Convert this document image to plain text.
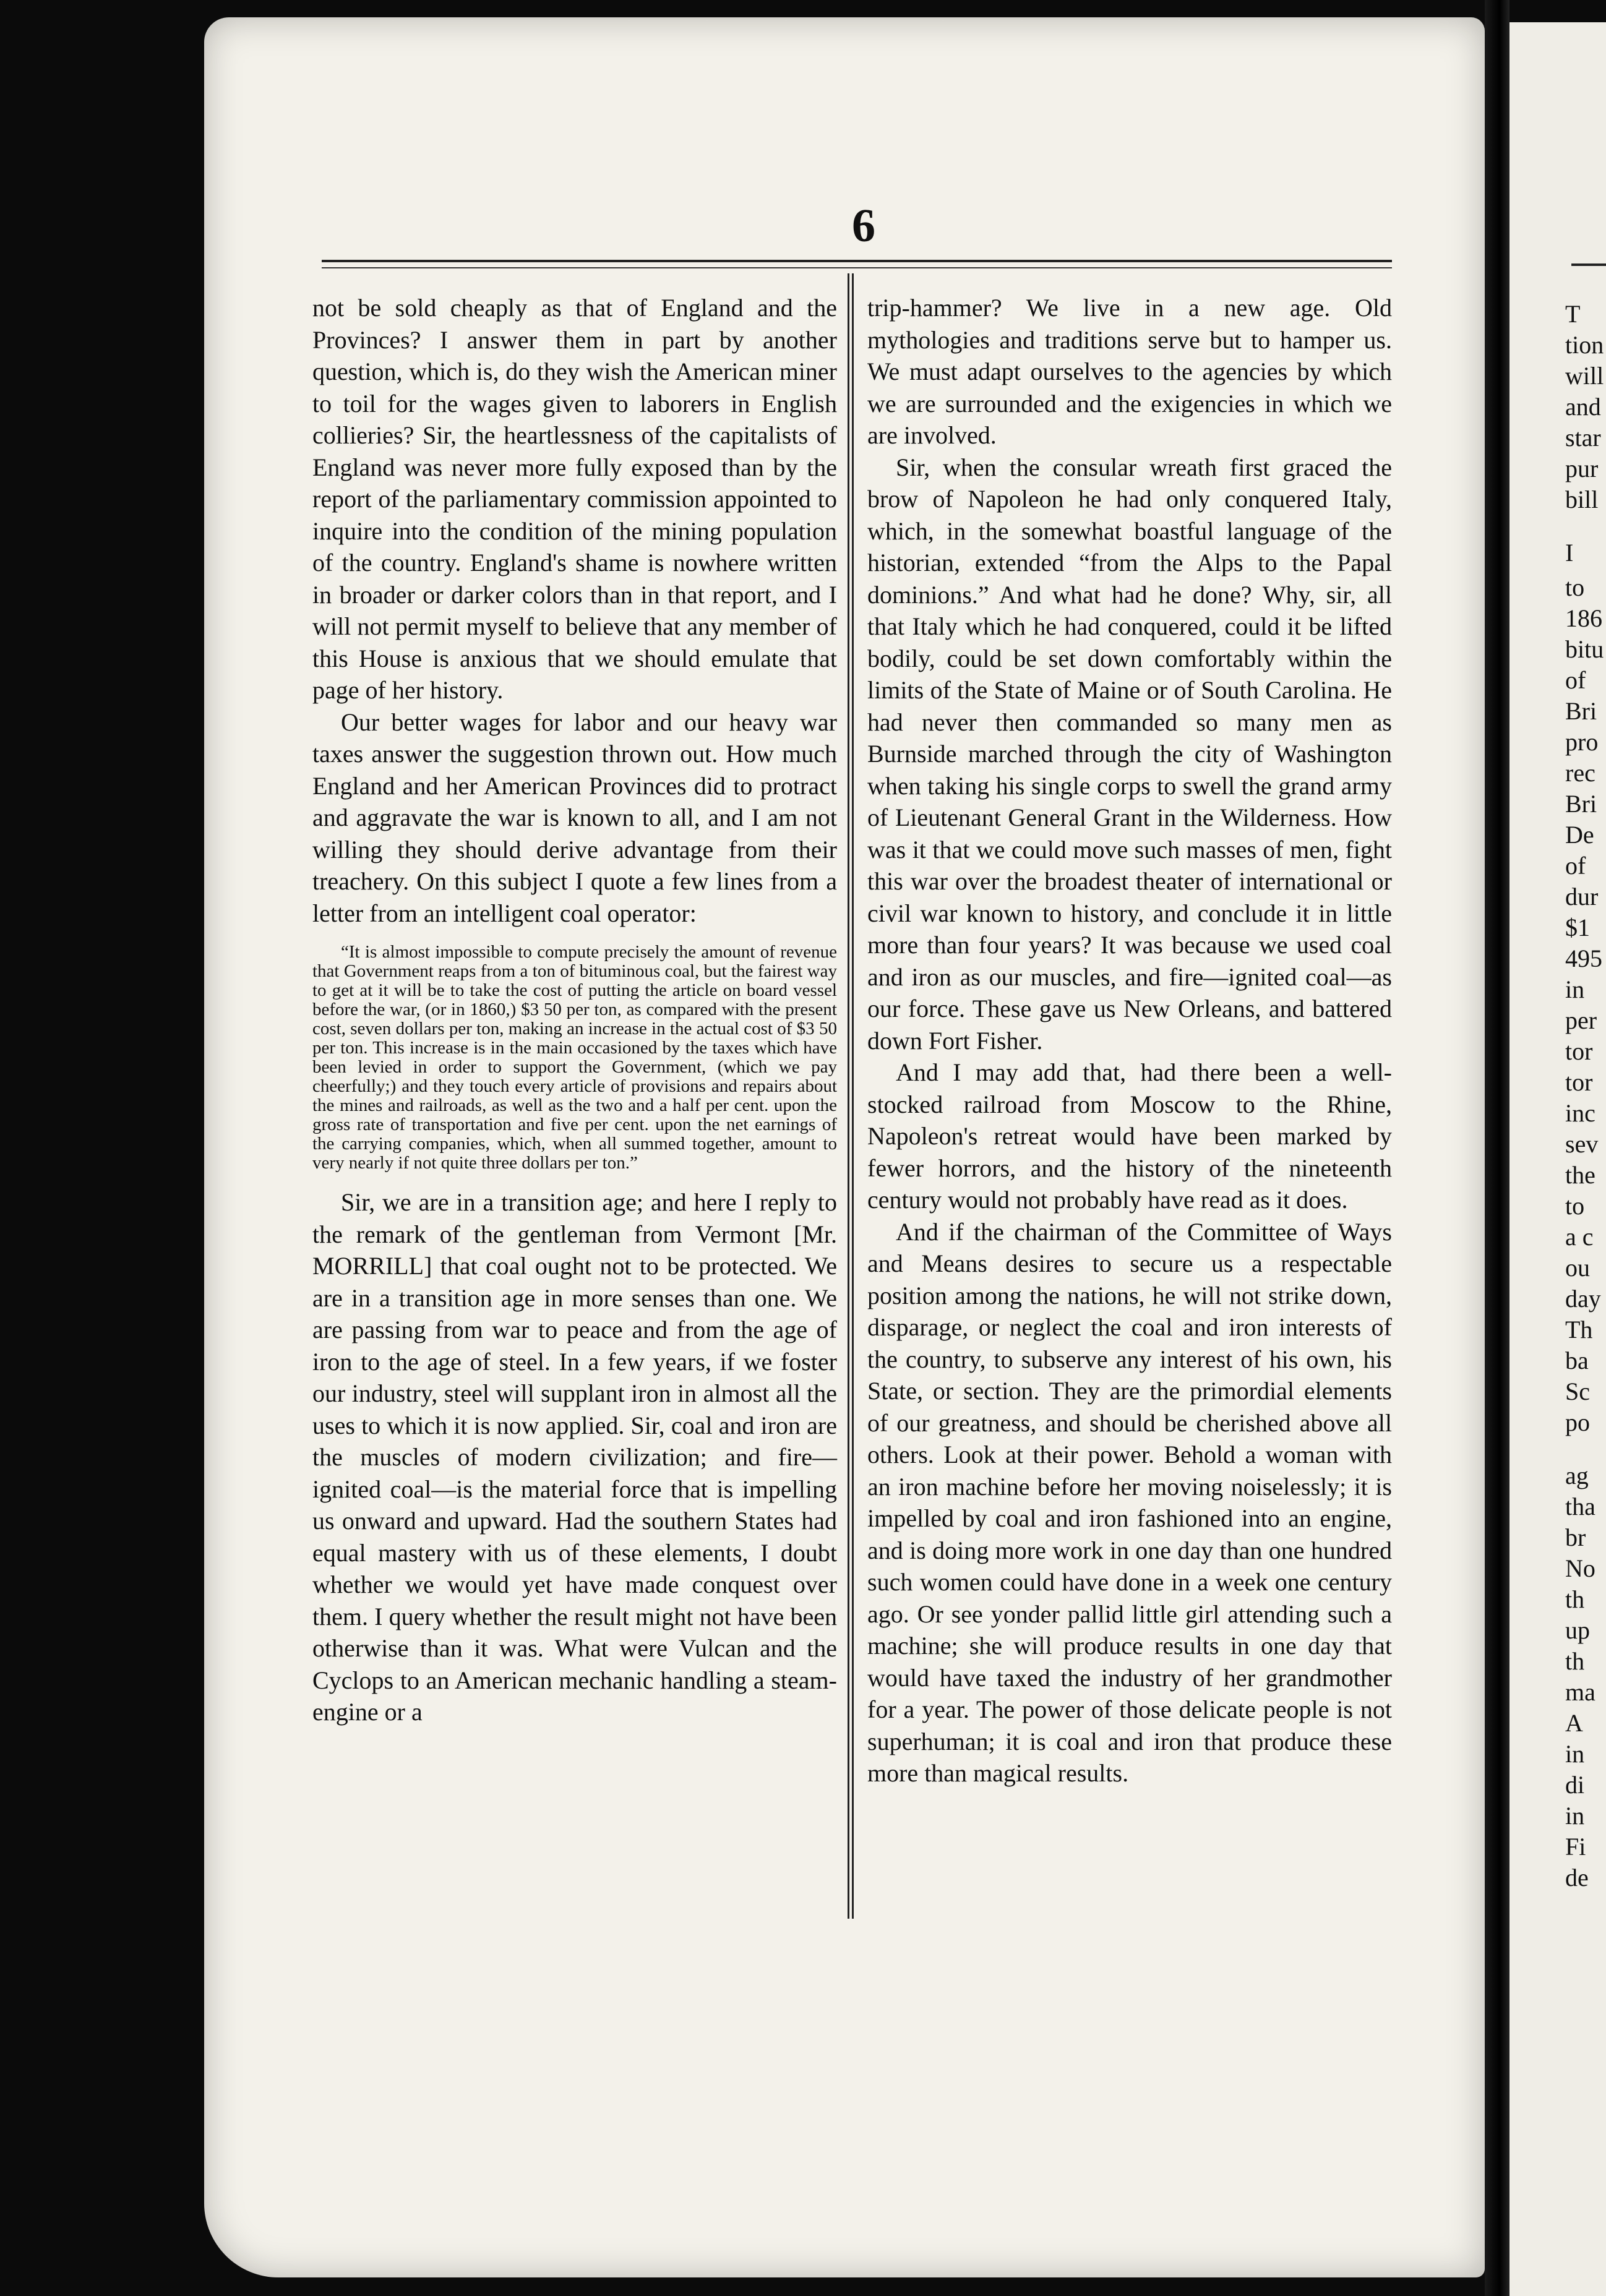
6

not be sold cheaply as that of England and the Provinces? I answer them in part by another question, which is, do they wish the American miner to toil for the wages given to laborers in English collieries? Sir, the heartlessness of the capitalists of England was never more fully exposed than by the report of the parliamentary commission appointed to inquire into the condition of the mining population of the country. England's shame is nowhere written in broader or darker colors than in that report, and I will not permit myself to believe that any member of this House is anxious that we should emulate that page of her history.

Our better wages for labor and our heavy war taxes answer the suggestion thrown out. How much England and her American Provinces did to protract and aggravate the war is known to all, and I am not willing they should derive advantage from their treachery. On this subject I quote a few lines from a letter from an intelligent coal operator:

“It is almost impossible to compute precisely the amount of revenue that Government reaps from a ton of bituminous coal, but the fairest way to get at it will be to take the cost of putting the article on board vessel before the war, (or in 1860,) $3 50 per ton, as compared with the present cost, seven dollars per ton, making an increase in the actual cost of $3 50 per ton. This increase is in the main occasioned by the taxes which have been levied in order to support the Government, (which we pay cheerfully;) and they touch every article of provisions and repairs about the mines and railroads, as well as the two and a half per cent. upon the gross rate of transportation and five per cent. upon the net earnings of the carrying companies, which, when all summed together, amount to very nearly if not quite three dollars per ton.”

Sir, we are in a transition age; and here I reply to the remark of the gentleman from Vermont [Mr. MORRILL] that coal ought not to be protected. We are in a transition age in more senses than one. We are passing from war to peace and from the age of iron to the age of steel. In a few years, if we foster our industry, steel will supplant iron in almost all the uses to which it is now applied. Sir, coal and iron are the muscles of modern civilization; and fire—ignited coal—is the material force that is impelling us onward and upward. Had the southern States had equal mastery with us of these elements, I doubt whether we would yet have made conquest over them. I query whether the result might not have been otherwise than it was. What were Vulcan and the Cyclops to an American mechanic handling a steam-engine or a

trip-hammer? We live in a new age. Old mythologies and traditions serve but to hamper us. We must adapt ourselves to the agencies by which we are surrounded and the exigencies in which we are involved.

Sir, when the consular wreath first graced the brow of Napoleon he had only conquered Italy, which, in the somewhat boastful language of the historian, extended “from the Alps to the Papal dominions.” And what had he done? Why, sir, all that Italy which he had conquered, could it be lifted bodily, could be set down comfortably within the limits of the State of Maine or of South Carolina. He had never then commanded so many men as Burnside marched through the city of Washington when taking his single corps to swell the grand army of Lieutenant General Grant in the Wilderness. How was it that we could move such masses of men, fight this war over the broadest theater of international or civil war known to history, and conclude it in little more than four years? It was because we used coal and iron as our muscles, and fire—ignited coal—as our force. These gave us New Orleans, and battered down Fort Fisher.

And I may add that, had there been a well-stocked railroad from Moscow to the Rhine, Napoleon's retreat would have been marked by fewer horrors, and the history of the nineteenth century would not probably have read as it does.

And if the chairman of the Committee of Ways and Means desires to secure us a respectable position among the nations, he will not strike down, disparage, or neglect the coal and iron interests of the country, to subserve any interest of his own, his State, or section. They are the primordial elements of our greatness, and should be cherished above all others. Look at their power. Behold a woman with an iron machine before her moving noiselessly; it is impelled by coal and iron fashioned into an engine, and is doing more work in one day than one hundred such women could have done in a week one century ago. Or see yonder pallid little girl attending such a machine; she will produce results in one day that would have taxed the industry of her grandmother for a year. The power of those delicate people is not superhuman; it is coal and iron that produce these more than magical results.

T
tion
will
and
star
pur
bill
I
to
186
bitu
of
Bri
pro
rec
Bri
De
of
dur
$1
495
in
per
tor
tor
inc
sev
the
to
a c
ou
day
Th
ba
Sc
po
ag
tha
br
No
th
up
th
ma
A
in
di
in
Fi
de
